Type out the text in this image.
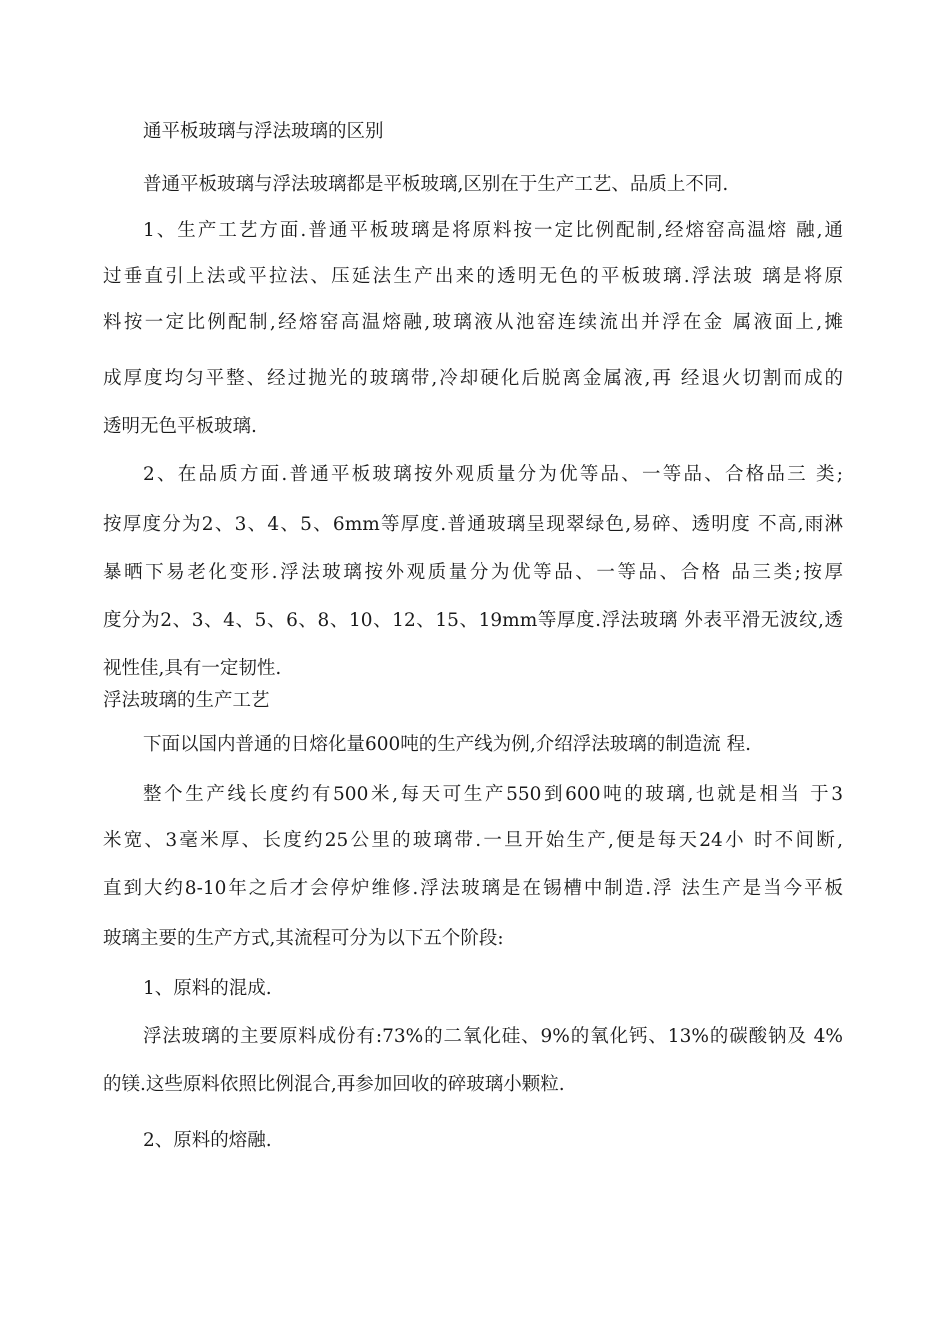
通平板玻璃与浮法玻璃的区别
普通平板玻璃与浮法玻璃都是平板玻璃,区别在于生产工艺、品质上不同.
1、生产工艺方面.普通平板玻璃是将原料按一定比例配制,经熔窑高温熔 融,通
过垂直引上法或平拉法、压延法生产出来的透明无色的平板玻璃.浮法玻 璃是将原
料按一定比例配制,经熔窑高温熔融,玻璃液从池窑连续流出并浮在金 属液面上,摊
成厚度均匀平整、经过抛光的玻璃带,冷却硬化后脱离金属液,再 经退火切割而成的
透明无色平板玻璃.
2、在品质方面.普通平板玻璃按外观质量分为优等品、一等品、合格品三 类;
按厚度分为2、3、4、5、6mm等厚度.普通玻璃呈现翠绿色,易碎、透明度 不高,雨淋
暴晒下易老化变形.浮法玻璃按外观质量分为优等品、一等品、合格 品三类;按厚
度分为2、3、4、5、6、8、10、12、15、19mm等厚度.浮法玻璃 外表平滑无波纹,透
视性佳,具有一定韧性.
浮法玻璃的生产工艺
下面以国内普通的日熔化量600吨的生产线为例,介绍浮法玻璃的制造流 程.
整个生产线长度约有500米,每天可生产550到600吨的玻璃,也就是相当 于3
米宽、3毫米厚、长度约25公里的玻璃带.一旦开始生产,便是每天24小 时不间断,
直到大约8-10年之后才会停炉维修.浮法玻璃是在锡槽中制造.浮 法生产是当今平板
玻璃主要的生产方式,其流程可分为以下五个阶段:
1、原料的混成.
浮法玻璃的主要原料成份有:73%的二氧化硅、9%的氧化钙、13%的碳酸钠及 4%
的镁.这些原料依照比例混合,再参加回收的碎玻璃小颗粒.
2、原料的熔融.
